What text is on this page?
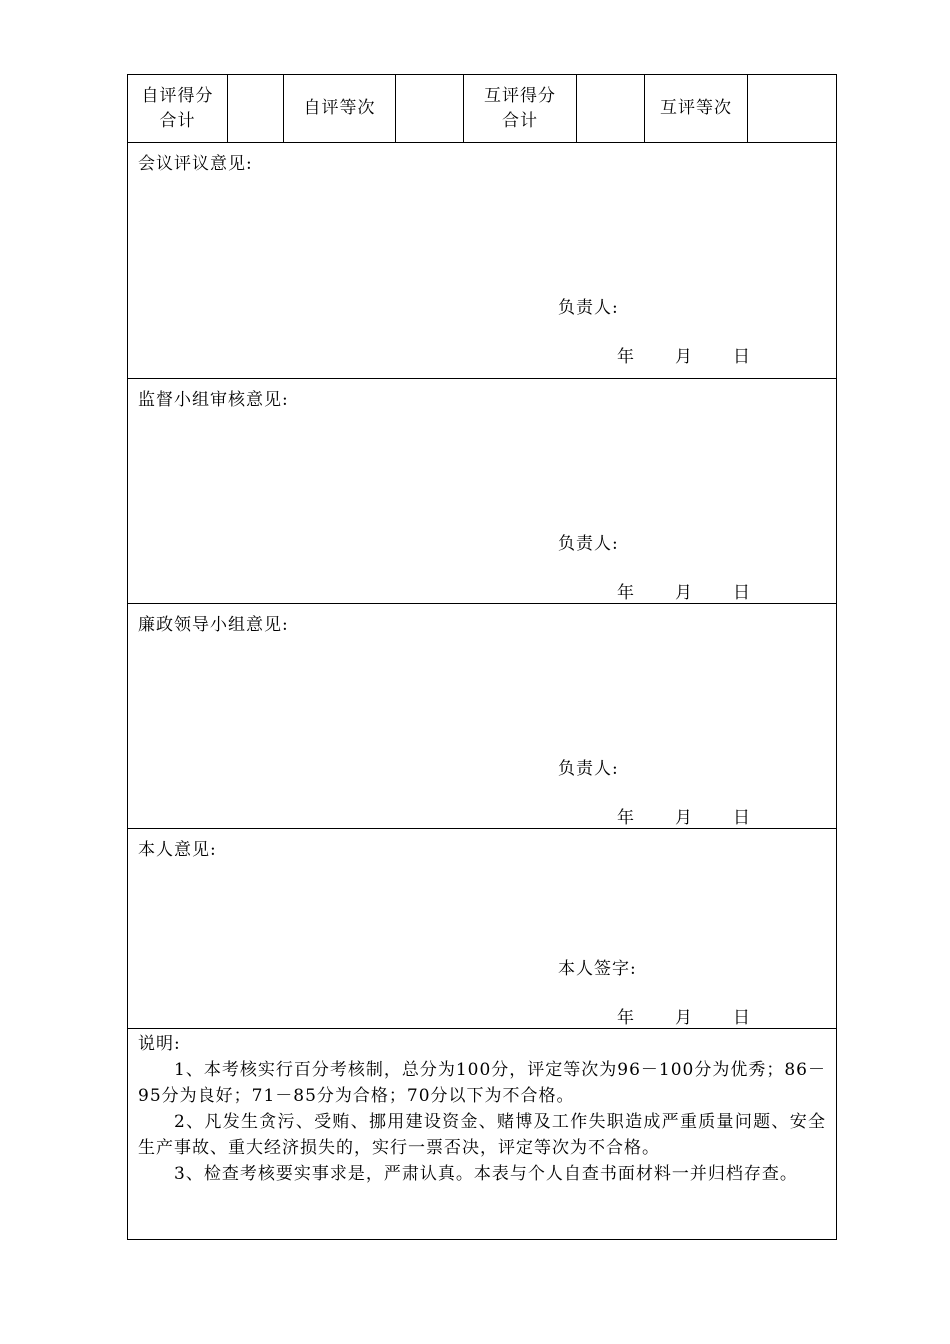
自评得分
合计
自评等次
互评得分
合计
互评等次
会议评议意见:
负责人:
年 月 日
监督小组审核意见:
负责人:
年 月 日
廉政领导小组意见:
负责人:
年 月 日
本人意见:
本人签字:
年 月 日
说明:

1、本考核实行百分考核制，总分为100分，评定等次为96－100分为优秀；86－95分为良好；71－85分为合格；70分以下为不合格。

2、凡发生贪污、受贿、挪用建设资金、赌博及工作失职造成严重质量问题、安全生产事故、重大经济损失的，实行一票否决，评定等次为不合格。

3、检查考核要实事求是，严肃认真。本表与个人自查书面材料一并归档存查。
